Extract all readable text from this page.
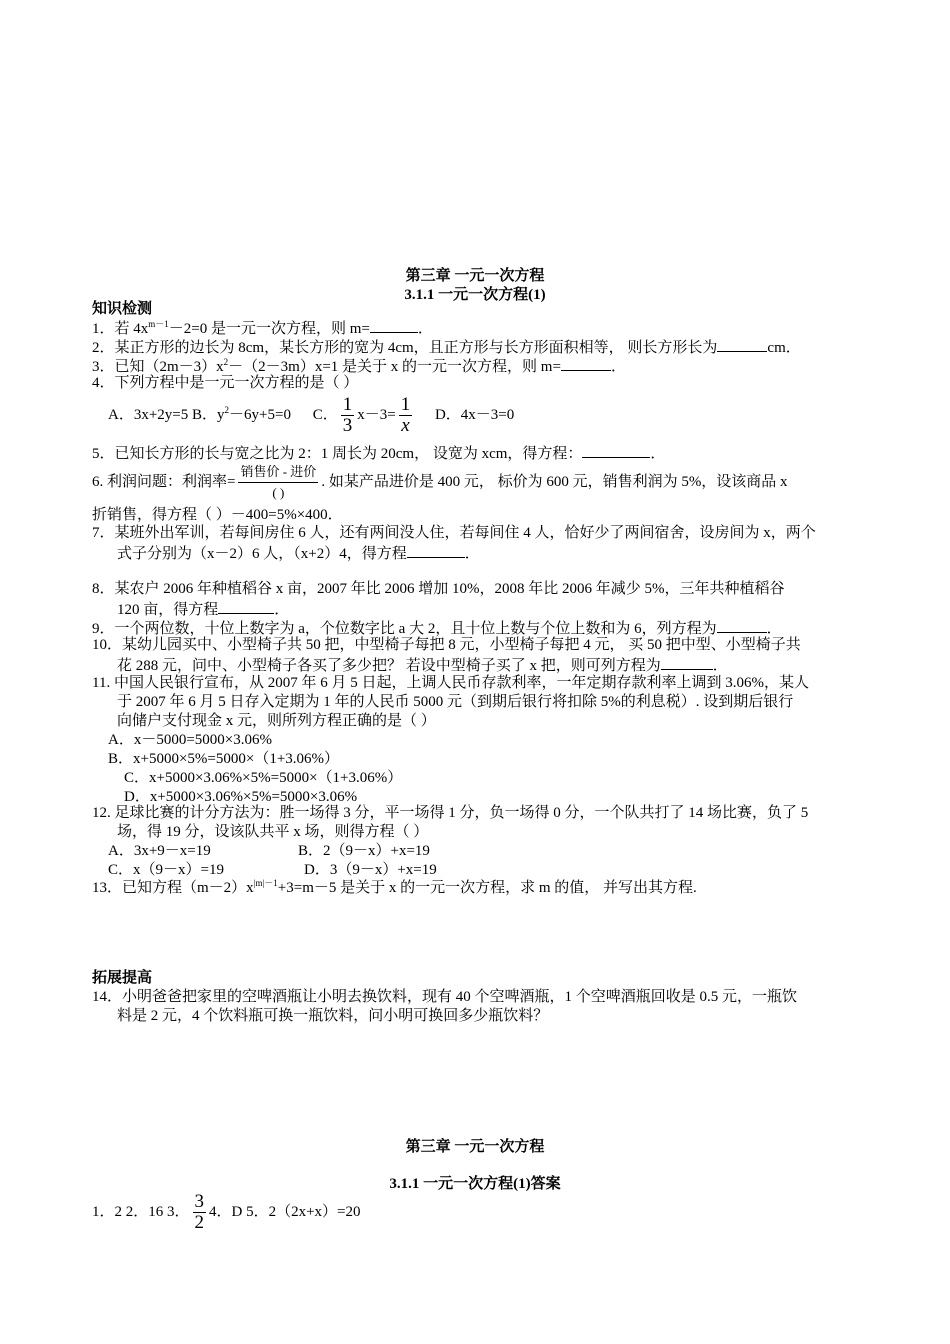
第三章 一元一次方程
3.1.1 一元一次方程(1)
知识检测
1．若 $4x^{m-1}-2=0$ 是一元一次方程，则 m=	．
2．某正方形的边长为 8cm，某长方形的宽为 4cm，且正方形与长方形面积相等， 则长方形长为	cm．
3．已知$(2m-3)x^2-(2-3m)x=1$ 是关于 x 的一元一次方程，则 m=	．
4．下列方程中是一元一次方程的是（ ）
A．3x+2y=5 B．$y^2-6y+5=0$ C． $\frac{1}{3} x-3= \frac{1}{x}$ D．4x－3=0
5．已知长方形的长与宽之比为 2：1 周长为 20cm， 设宽为 xcm，得方程：	．
6. 利润问题：利润率= $\frac{\text{销售价 - 进价}}{( )}$ . 如某产品进价是 400 元， 标价为 600 元，销售利润为 5%，设该商品 x
折销售，得方程（ ）－400=5%×400．
7．某班外出军训，若每间房住 6 人，还有两间没人住，若每间住 4 人，恰好少了两间宿舍，设房间为 x，两个
式子分别为（x－2）6 人，（x+2）4，得方程	．
8．某农户 2006 年种植稻谷 x 亩，2007 年比 2006 增加 10%，2008 年比 2006 年减少 5%，三年共种植稻谷
120 亩，得方程	．
9．一个两位数，十位上数字为 a，个位数字比 a 大 2，且十位上数与个位上数和为 6，列方程为	．
10．某幼儿园买中、小型椅子共 50 把，中型椅子每把 8 元，小型椅子每把 4 元， 买 50 把中型、小型椅子共
花 288 元，问中、小型椅子各买了多少把？ 若设中型椅子买了 x 把，则可列方程为	．
11. 中国人民银行宣布，从 2007 年 6 月 5 日起，上调人民币存款利率，一年定期存款利率上调到 3.06%，某人
于 2007 年 6 月 5 日存入定期为 1 年的人民币 5000 元（到期后银行将扣除 5%的利息税）. 设到期后银行
向储户支付现金 x 元，则所列方程正确的是（ ）
A．x－5000=5000×3.06%
B．x+5000×5%=5000×（1+3.06%）
C．x+5000×3.06%×5%=5000×（1+3.06%）
D．x+5000×3.06%×5%=5000×3.06%
12. 足球比赛的计分方法为：胜一场得 3 分，平一场得 1 分，负一场得 0 分，一个队共打了 14 场比赛，负了 5
场，得 19 分，设该队共平 x 场，则得方程（ ）
A．3x+9－x=19	B．2（9－x）+x=19
C．x（9－x）=19	D．3（9－x）+x=19
13．已知方程$(m-2)x^{|m|-1}+3=m-5$ 是关于 x 的一元一次方程，求 m 的值， 并写出其方程.
拓展提高
14．小明爸爸把家里的空啤酒瓶让小明去换饮料，现有 40 个空啤酒瓶，1 个空啤酒瓶回收是 0.5 元，一瓶饮
料是 2 元，4 个饮料瓶可换一瓶饮料，问小明可换回多少瓶饮料？
第三章 一元一次方程
3.1.1 一元一次方程(1)答案
1．2 2．16 3． $\frac{3}{2} 4$．D 5．2（2x+x）=20
